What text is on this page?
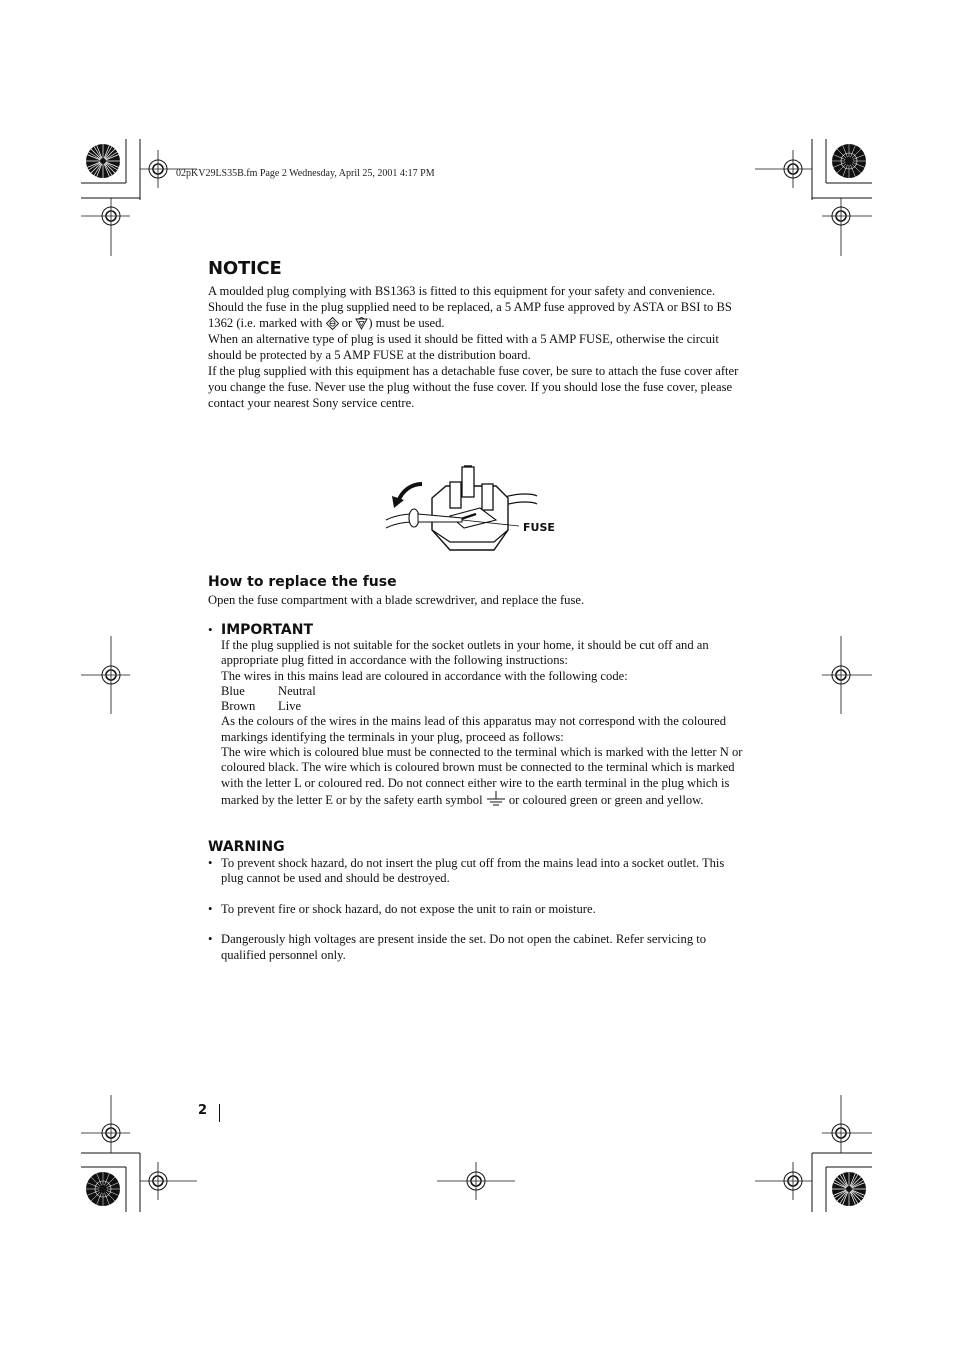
02pKV29LS35B.fm Page 2 Wednesday, April 25, 2001 4:17 PM
NOTICE

A moulded plug complying with BS1363 is fitted to this equipment for your safety and convenience.

Should the fuse in the plug supplied need to be replaced, a 5 AMP fuse approved by ASTA or BSI to BS 1362 (i.e. marked with  or ) must be used.

When an alternative type of plug is used it should be fitted with a 5 AMP FUSE, otherwise the circuit should be protected by a 5 AMP FUSE at the distribution board.

If the plug supplied with this equipment has a detachable fuse cover, be sure to attach the fuse cover after you change the fuse. Never use the plug without the fuse cover. If you should lose the fuse cover, please contact your nearest Sony service centre.

FUSE
How to replace the fuse

Open the fuse compartment with a blade screwdriver, and replace the fuse.

• IMPORTANT
If the plug supplied is not suitable for the socket outlets in your home, it should be cut off and an appropriate plug fitted in accordance with the following instructions:
The wires in this mains lead are coloured in accordance with the following code:
Blue	Neutral
Brown	Live
As the colours of the wires in the mains lead of this apparatus may not correspond with the coloured markings identifying the terminals in your plug, proceed as follows:
The wire which is coloured blue must be connected to the terminal which is marked with the letter N or coloured black. The wire which is coloured brown must be connected to the terminal which is marked with the letter L or coloured red. Do not connect either wire to the earth terminal in the plug which is marked by the letter E or by the safety earth symbol  or coloured green or green and yellow.
WARNING
• To prevent shock hazard, do not insert the plug cut off from the mains lead into a socket outlet. This plug cannot be used and should be destroyed.
• To prevent fire or shock hazard, do not expose the unit to rain or moisture.
• Dangerously high voltages are present inside the set. Do not open the cabinet. Refer servicing to qualified personnel only.
2
